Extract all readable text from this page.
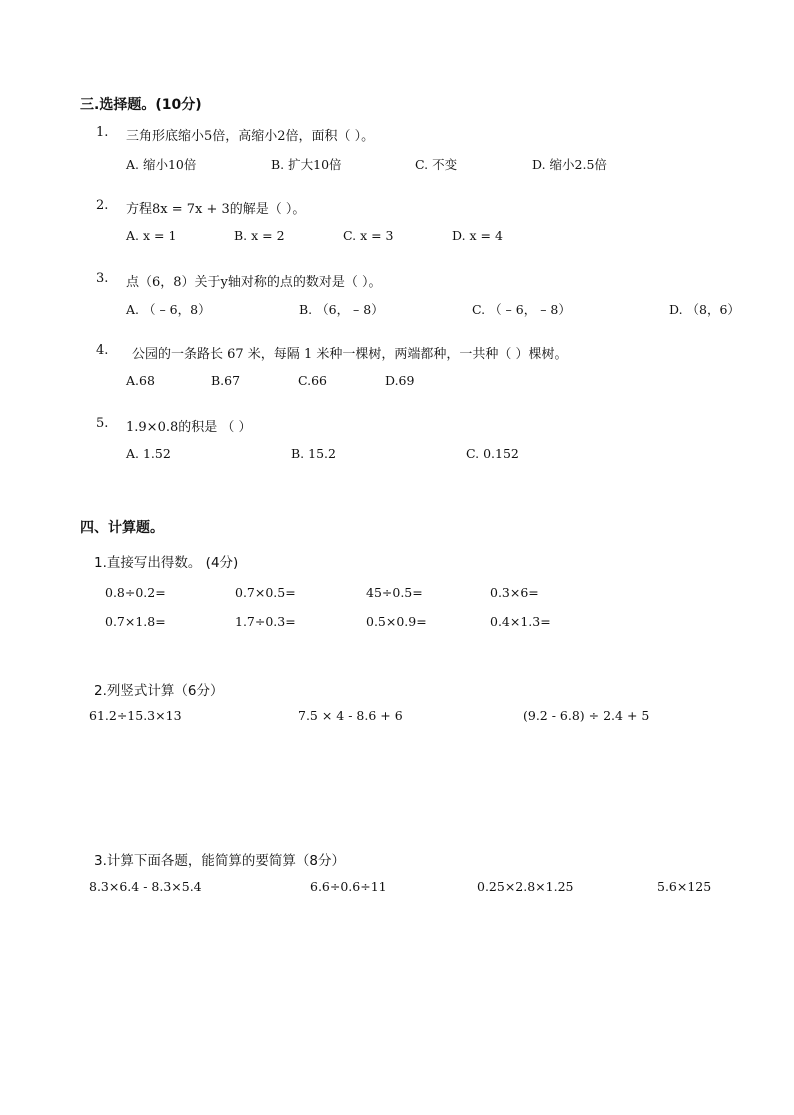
三.选择题。(10分)
1. 三角形底缩小5倍，高缩小2倍，面积（ ）。
A. 缩小10倍	B. 扩大10倍	C. 不变	D. 缩小2.5倍
2. 方程8x = 7x + 3的解是（ ）。
A. x = 1	B. x = 2	C. x = 3	D. x = 4
3. 点（6，8）关于y轴对称的点的数对是（ ）。
A. （ – 6，8）	B. （6， – 8）	C. （ – 6， – 8）	D. （8，6）
4. 公园的一条路长 67 米，每隔 1 米种一棵树，两端都种，一共种（ ）棵树。
A.68	B.67	C.66	D.69
5. 1.9×0.8的积是 （ ）
A. 1.52	B. 15.2	C. 0.152
四、计算题。
1.直接写出得数。 (4分)
0.8÷0.2=	0.7×0.5=	45÷0.5=	0.3×6=
0.7×1.8=	1.7÷0.3=	0.5×0.9=	0.4×1.3=
2.列竖式计算（6分）
61.2÷15.3×13	7.5 × 4 - 8.6 + 6	(9.2 - 6.8) ÷ 2.4 + 5
3.计算下面各题，能简算的要简算（8分）
8.3×6.4 - 8.3×5.4	6.6÷0.6÷11	0.25×2.8×1.25	5.6×125
